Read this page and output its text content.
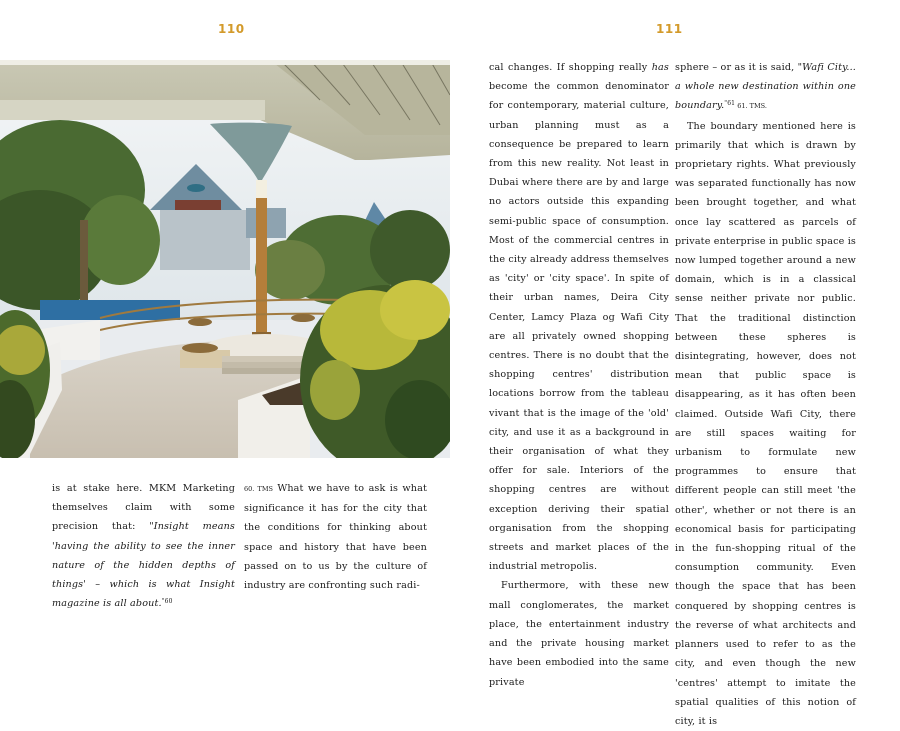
110	111

is at stake here. MKM Marketing themselves claim with some precision that: "Insight means 'having the ability to see the inner nature of the hidden depths of things' – which is what Insight magazine is all about.$^{"60}$

60. TMS What we have to ask is what significance it has for the city that the conditions for thinking about space and history that have been passed on to us by the culture of industry are confronting such radi-

cal changes. If shopping really has become the common denominator for contemporary, material culture, urban planning must as a consequence be prepared to learn from this new reality. Not least in Dubai where there are by and large no actors outside this expanding semi-public space of consumption. Most of the commercial centres in the city already address themselves as 'city' or 'city space'. In spite of their urban names, Deira City Center, Lamcy Plaza og Wafi City are all privately owned shopping centres. There is no doubt that the shopping centres' distribution locations borrow from the tableau vivant that is the image of the 'old' city, and use it as a background in their organisation of what they offer for sale. Interiors of the shopping centres are without exception deriving their spatial organisation from the shopping streets and market places of the industrial metropolis.

Furthermore, with these new mall conglomerates, the market place, the entertainment industry and the private housing market have been embodied into the same private

sphere – or as it is said, "Wafi City... a whole new destination within one boundary.$^{"61}$ 61. TMS.

The boundary mentioned here is primarily that which is drawn by proprietary rights. What previously was separated functionally has now been brought together, and what once lay scattered as parcels of private enterprise in public space is now lumped together around a new domain, which is in a classical sense neither private nor public. That the traditional distinction between these spheres is disintegrating, however, does not mean that public space is disappearing, as it has often been claimed. Outside Wafi City, there are still spaces waiting for urbanism to formulate new programmes to ensure that different people can still meet 'the other', whether or not there is an economical basis for participating in the fun-shopping ritual of the consumption community. Even though the space that has been conquered by shopping centres is the reverse of what architects and planners used to refer to as the city, and even though the new 'centres' attempt to imitate the spatial qualities of this notion of city, it is
